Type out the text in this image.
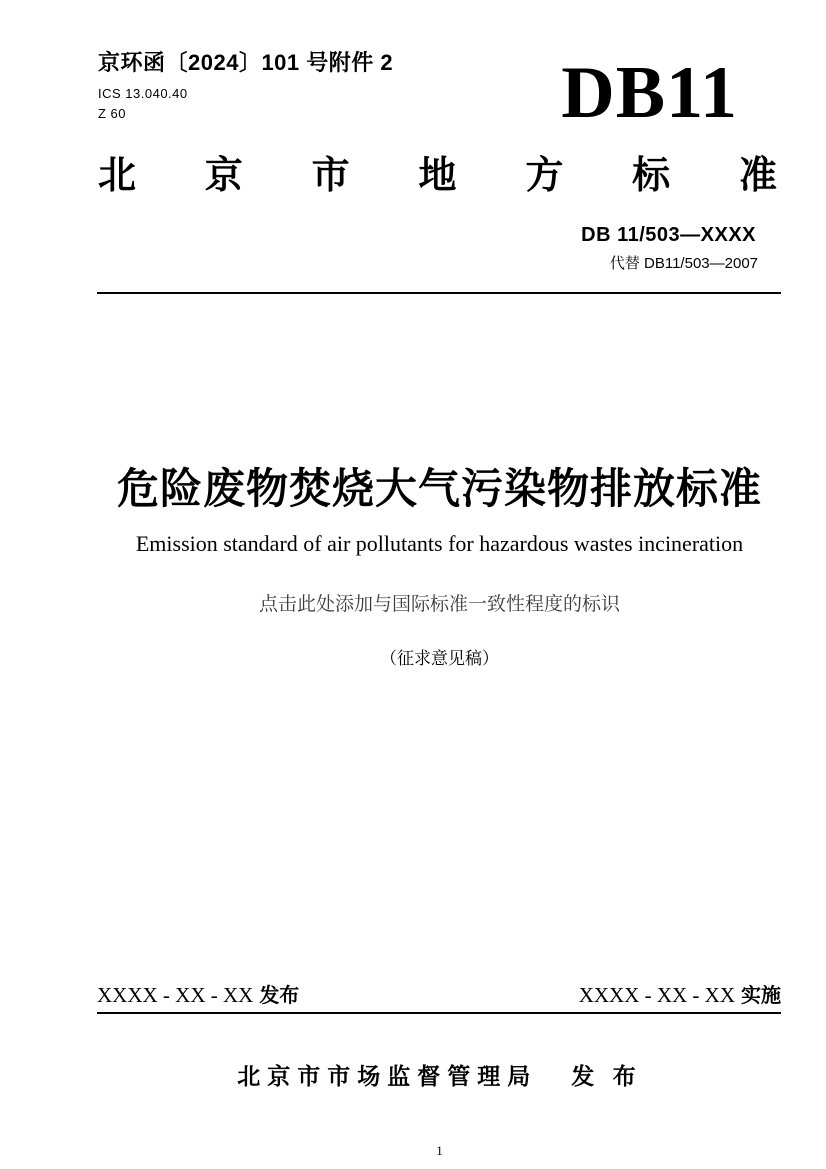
京环函〔2024〕101 号附件 2
ICS 13.040.40
Z 60	DB11
北 京 市 地 方 标 准
DB 11/503—XXXX
代替 DB11/503—2007
危险废物焚烧大气污染物排放标准
Emission standard of air pollutants for hazardous wastes incineration
点击此处添加与国际标准一致性程度的标识
（征求意见稿）
XXXX - XX - XX 发布	XXXX - XX - XX 实施
北京市市场监督管理局 发 布
1
